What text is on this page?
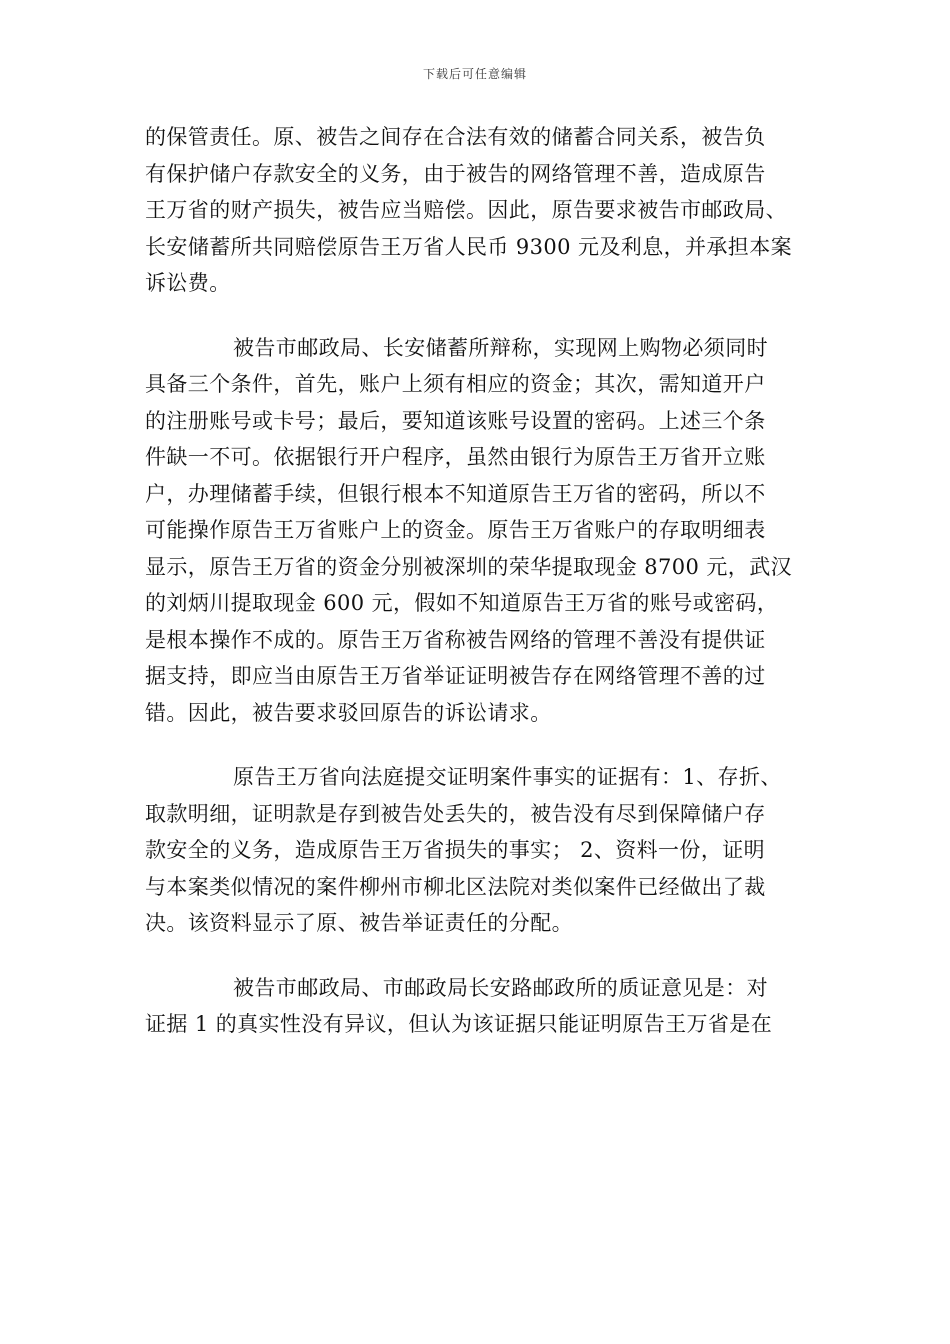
下载后可任意编辑
的保管责任。原、被告之间存在合法有效的储蓄合同关系，被告负
有保护储户存款安全的义务，由于被告的网络管理不善，造成原告
王万省的财产损失，被告应当赔偿。因此，原告要求被告市邮政局、
长安储蓄所共同赔偿原告王万省人民币 9300 元及利息，并承担本案
诉讼费。
被告市邮政局、长安储蓄所辩称，实现网上购物必须同时
具备三个条件，首先，账户上须有相应的资金；其次，需知道开户
的注册账号或卡号；最后，要知道该账号设置的密码。上述三个条
件缺一不可。依据银行开户程序，虽然由银行为原告王万省开立账
户，办理储蓄手续，但银行根本不知道原告王万省的密码，所以不
可能操作原告王万省账户上的资金。原告王万省账户的存取明细表
显示，原告王万省的资金分别被深圳的荣华提取现金 8700 元，武汉
的刘炳川提取现金 600 元，假如不知道原告王万省的账号或密码，
是根本操作不成的。原告王万省称被告网络的管理不善没有提供证
据支持，即应当由原告王万省举证证明被告存在网络管理不善的过
错。因此，被告要求驳回原告的诉讼请求。
原告王万省向法庭提交证明案件事实的证据有：1、存折、
取款明细，证明款是存到被告处丢失的，被告没有尽到保障储户存
款安全的义务，造成原告王万省损失的事实； 2、资料一份，证明
与本案类似情况的案件柳州市柳北区法院对类似案件已经做出了裁
决。该资料显示了原、被告举证责任的分配。
被告市邮政局、市邮政局长安路邮政所的质证意见是：对
证据 1 的真实性没有异议，但认为该证据只能证明原告王万省是在
